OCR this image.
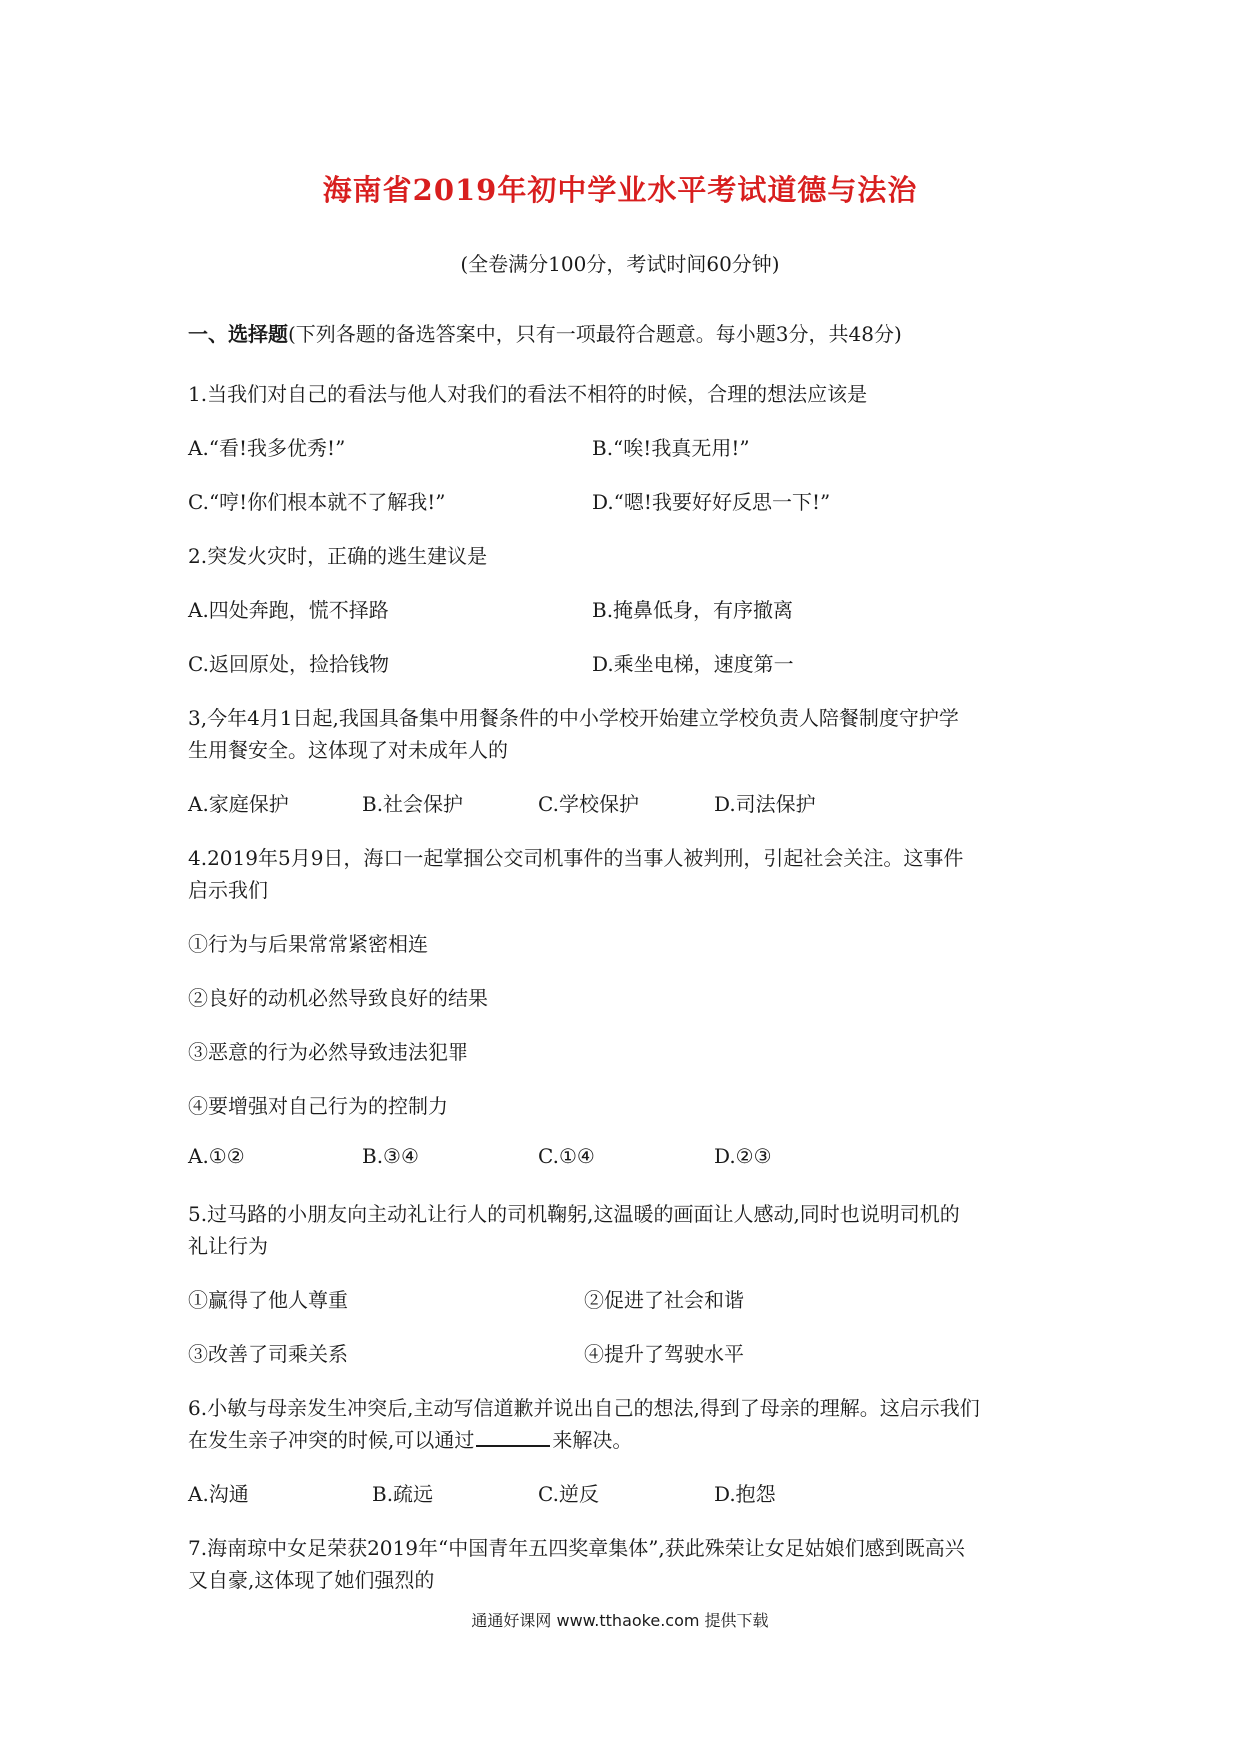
海南省2019年初中学业水平考试道德与法治
(全卷满分100分，考试时间60分钟)
一、选择题(下列各题的备选答案中，只有一项最符合题意。每小题3分，共48分)
1.当我们对自己的看法与他人对我们的看法不相符的时候，合理的想法应该是
A.“看!我多优秀!”	B.“唉!我真无用!”
C.“哼!你们根本就不了解我!”	D.“嗯!我要好好反思一下!”
2.突发火灾时，正确的逃生建议是
A.四处奔跑，慌不择路	B.掩鼻低身，有序撤离
C.返回原处，捡拾钱物	D.乘坐电梯，速度第一
3,今年4月1日起,我国具备集中用餐条件的中小学校开始建立学校负责人陪餐制度守护学
生用餐安全。这体现了对未成年人的
A.家庭保护	B.社会保护	C.学校保护	D.司法保护
4.2019年5月9日，海口一起掌掴公交司机事件的当事人被判刑，引起社会关注。这事件
启示我们
①行为与后果常常紧密相连
②良好的动机必然导致良好的结果
③恶意的行为必然导致违法犯罪
④要增强对自己行为的控制力
A.①②	B.③④	C.①④	D.②③
5.过马路的小朋友向主动礼让行人的司机鞠躬,这温暖的画面让人感动,同时也说明司机的
礼让行为
①赢得了他人尊重	②促进了社会和谐
③改善了司乘关系	④提升了驾驶水平
6.小敏与母亲发生冲突后,主动写信道歉并说出自己的想法,得到了母亲的理解。这启示我们
在发生亲子冲突的时候,可以通过	来解决。
A.沟通	B.疏远	C.逆反	D.抱怨
7.海南琼中女足荣获2019年“中国青年五四奖章集体”,获此殊荣让女足姑娘们感到既高兴
又自豪,这体现了她们强烈的
通通好课网 www.tthaoke.com 提供下载
